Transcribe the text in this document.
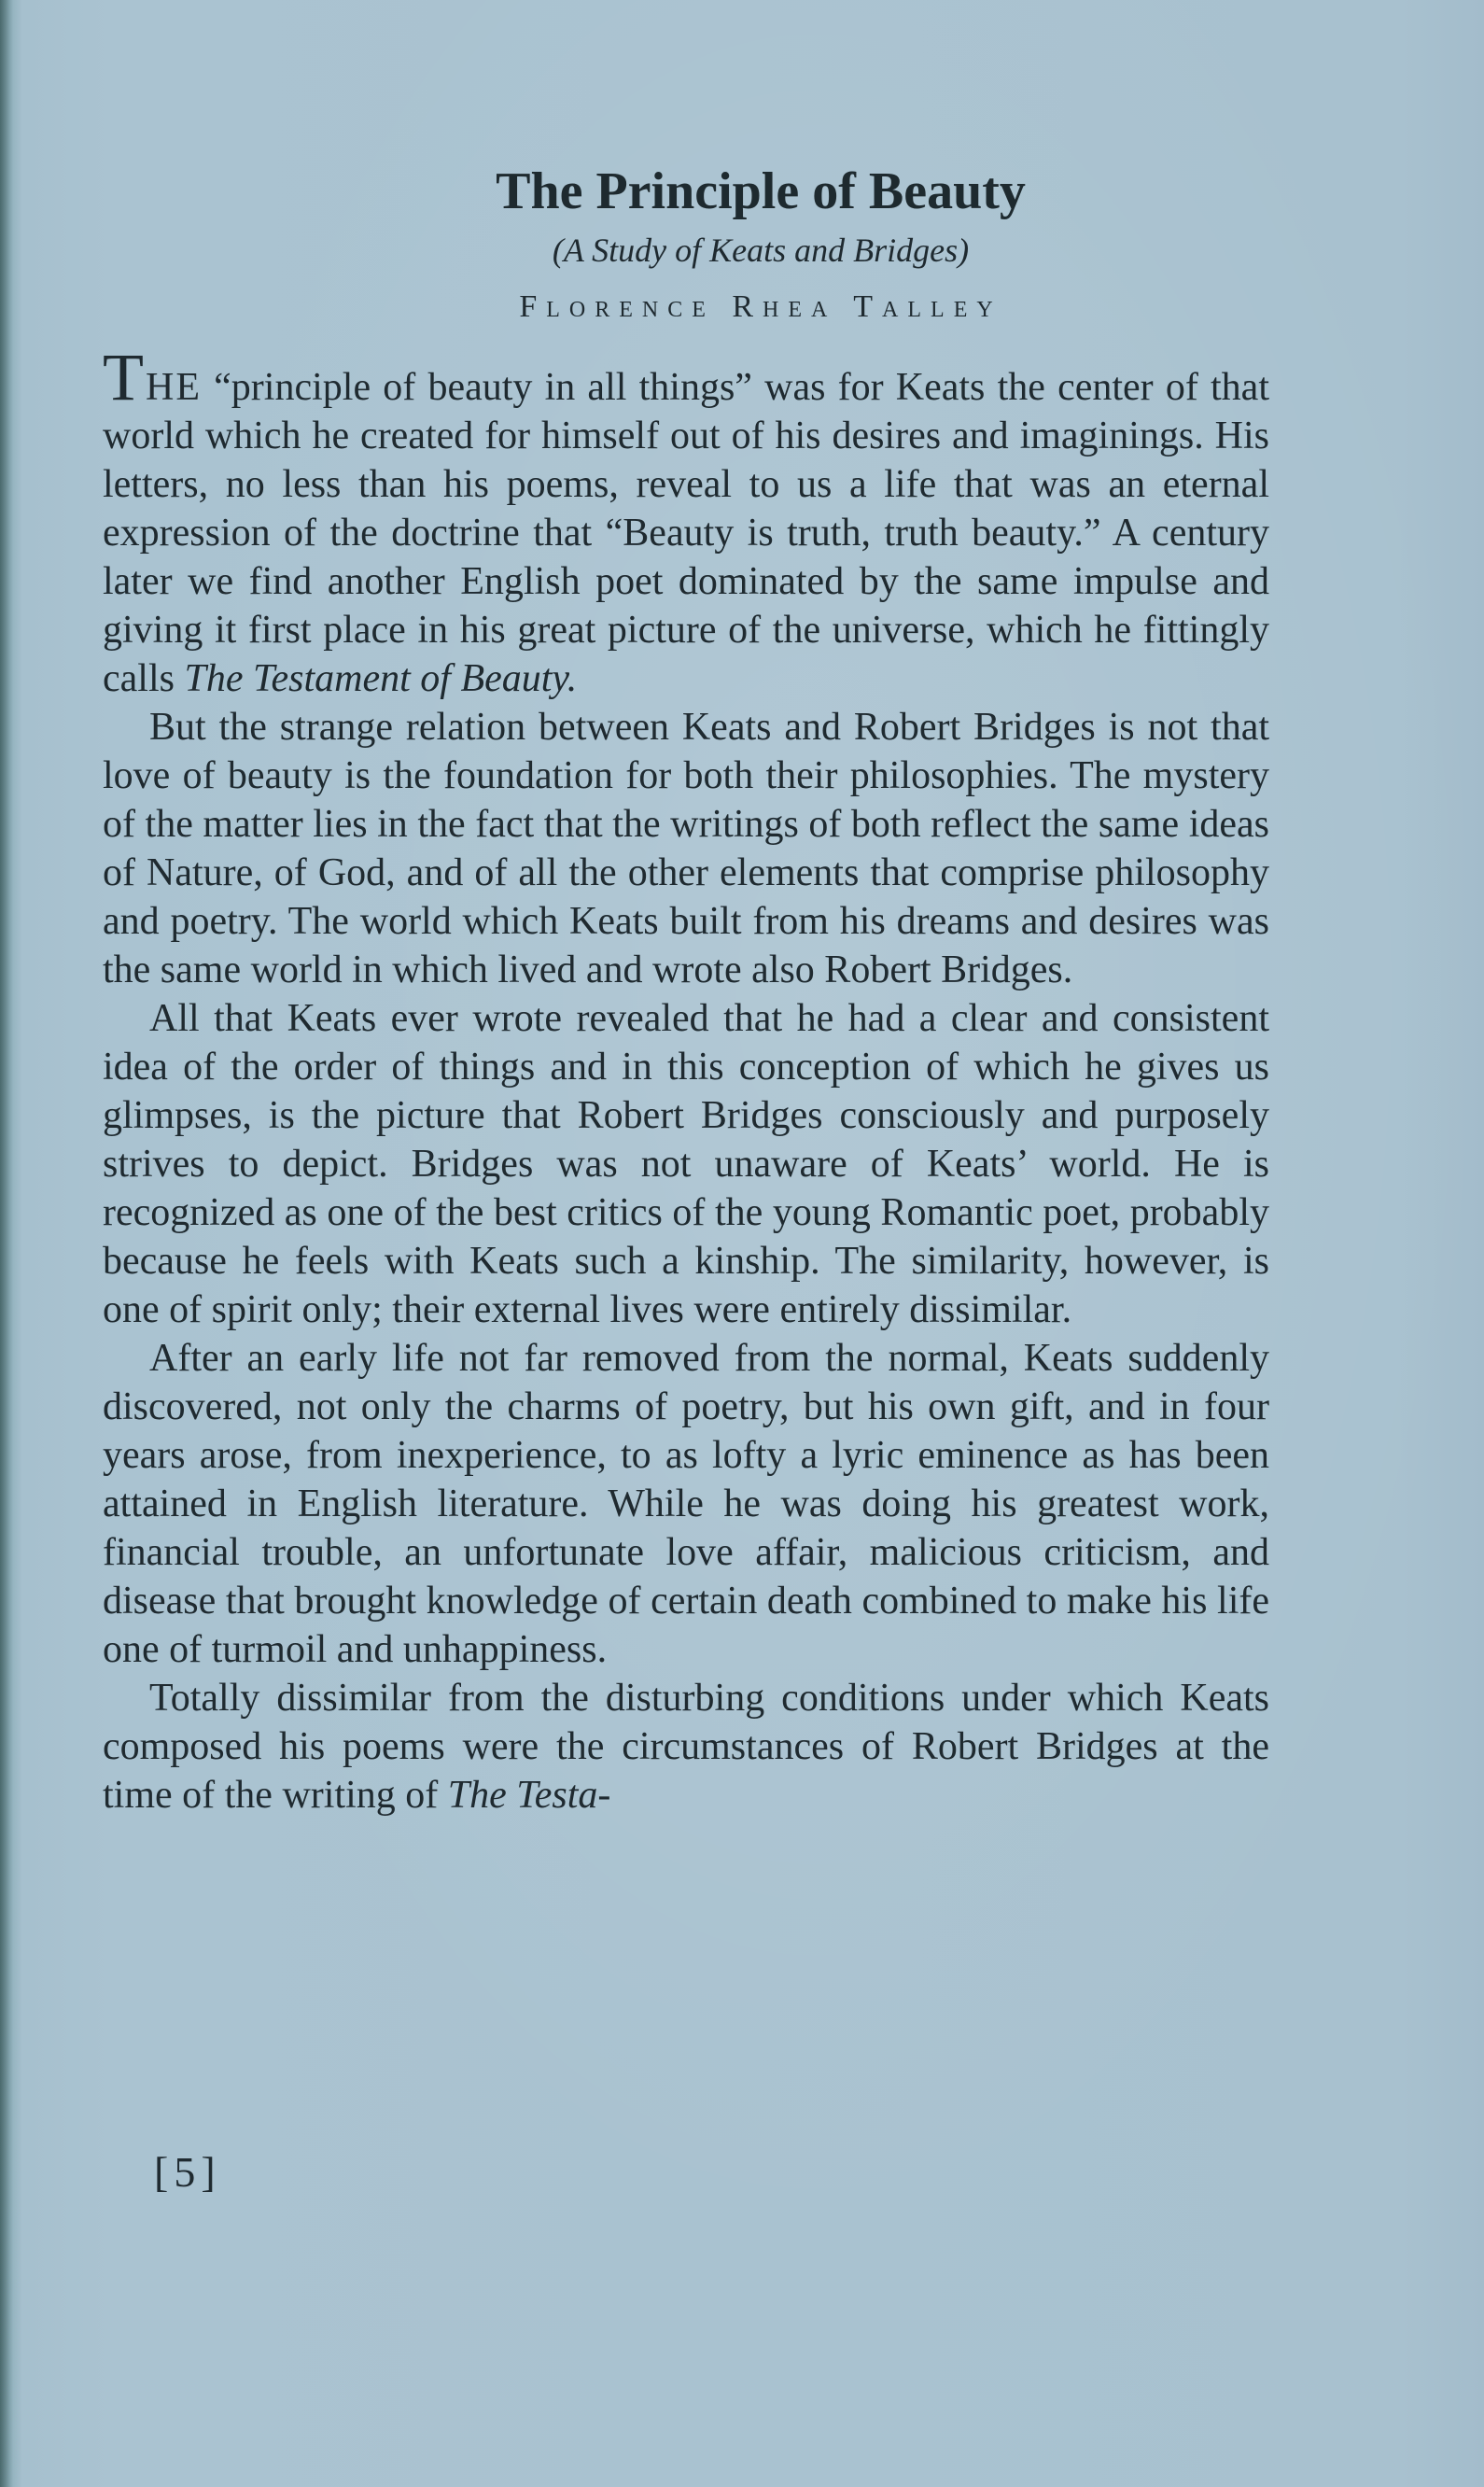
The Principle of Beauty
(A Study of Keats and Bridges)
Florence Rhea Talley

THE “principle of beauty in all things” was for Keats the center of that world which he created for himself out of his desires and imaginings. His letters, no less than his poems, reveal to us a life that was an eternal expression of the doctrine that “Beauty is truth, truth beauty.” A century later we find another English poet dominated by the same impulse and giving it first place in his great picture of the universe, which he fittingly calls The Testament of Beauty.

But the strange relation between Keats and Robert Bridges is not that love of beauty is the foundation for both their philosophies. The mystery of the matter lies in the fact that the writings of both reflect the same ideas of Nature, of God, and of all the other elements that comprise philosophy and poetry. The world which Keats built from his dreams and desires was the same world in which lived and wrote also Robert Bridges.

All that Keats ever wrote revealed that he had a clear and consistent idea of the order of things and in this conception of which he gives us glimpses, is the picture that Robert Bridges consciously and purposely strives to depict. Bridges was not unaware of Keats’ world. He is recognized as one of the best critics of the young Romantic poet, probably because he feels with Keats such a kinship. The similarity, however, is one of spirit only; their external lives were entirely dissimilar.

After an early life not far removed from the normal, Keats suddenly discovered, not only the charms of poetry, but his own gift, and in four years arose, from inexperience, to as lofty a lyric eminence as has been attained in English literature. While he was doing his greatest work, financial trouble, an unfortunate love affair, malicious criticism, and disease that brought knowledge of certain death combined to make his life one of turmoil and unhappiness.

Totally dissimilar from the disturbing conditions under which Keats composed his poems were the circumstances of Robert Bridges at the time of the writing of The Testa-

[5]
